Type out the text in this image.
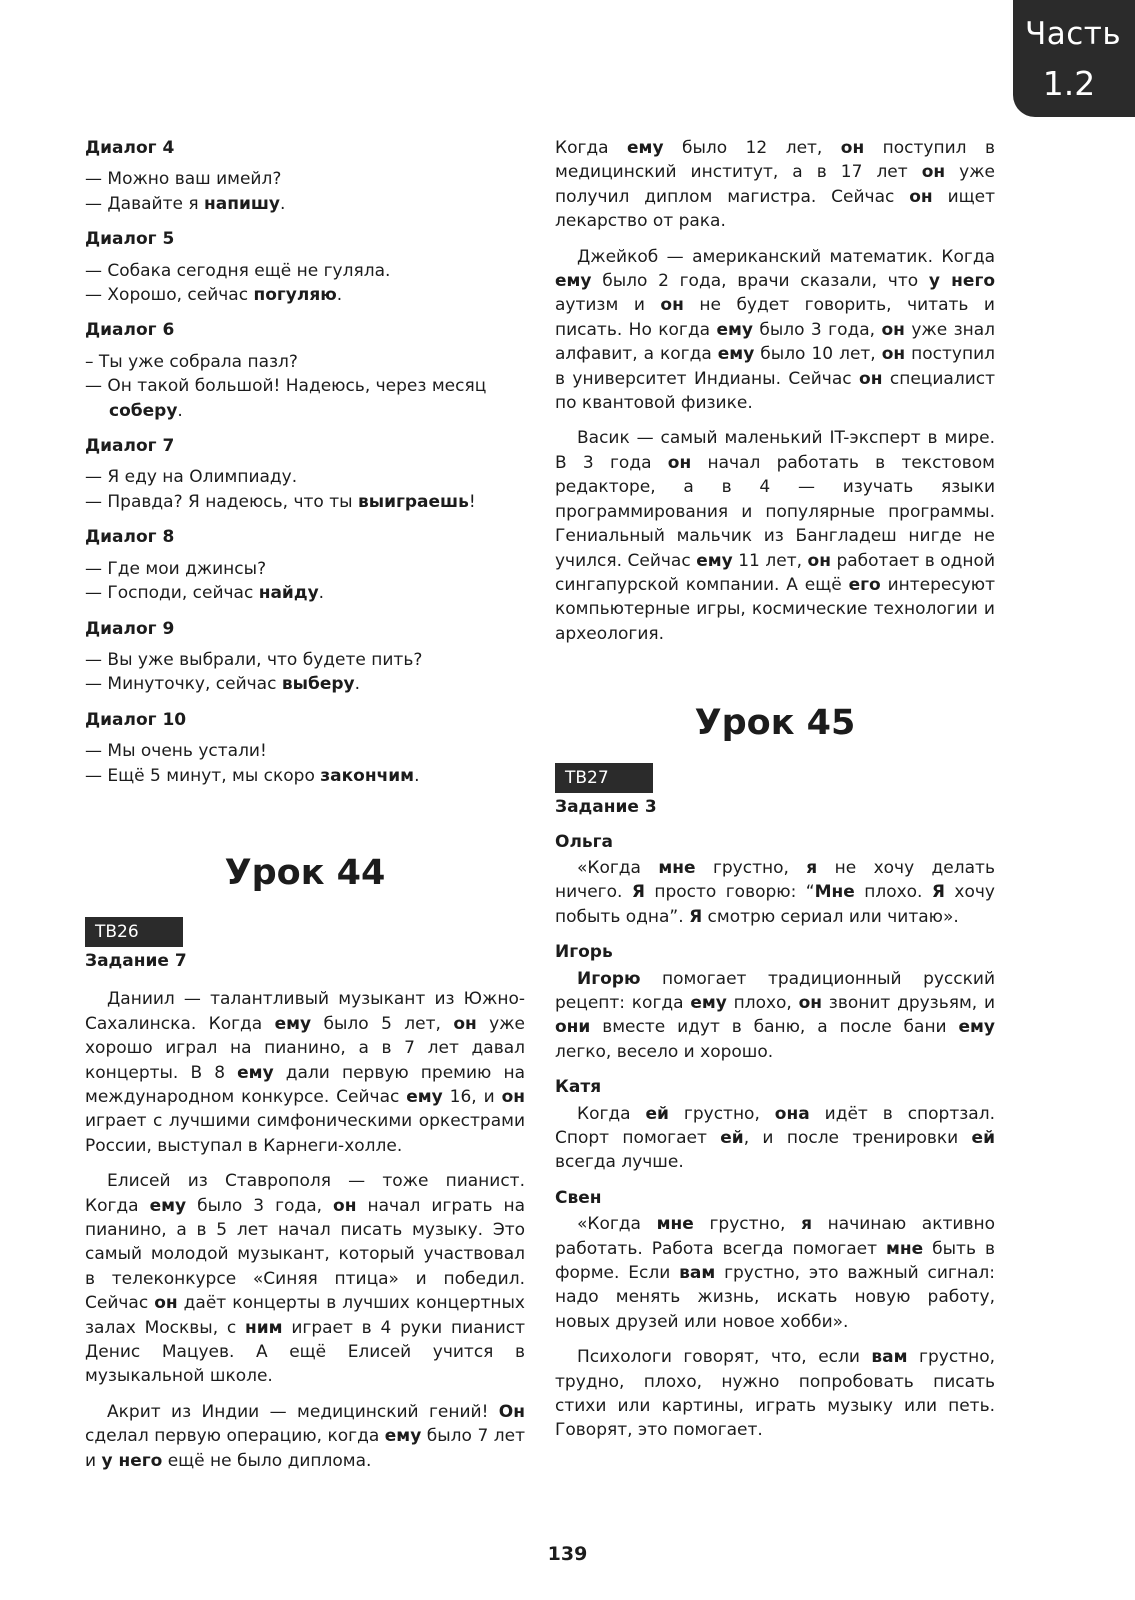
Часть
1.2
Диалог 4
— Можно ваш имейл?
— Давайте я напишу.
Диалог 5
— Собака сегодня ещё не гуляла.
— Хорошо, сейчас погуляю.
Диалог 6
– Ты уже собрала пазл?
— Он такой большой! Надеюсь, через месяц соберу.
Диалог 7
— Я еду на Олимпиаду.
— Правда? Я надеюсь, что ты выиграешь!
Диалог 8
— Где мои джинсы?
— Господи, сейчас найду.
Диалог 9
— Вы уже выбрали, что будете пить?
— Минуточку, сейчас выберу.
Диалог 10
— Мы очень устали!
— Ещё 5 минут, мы скоро закончим.
Урок 44
ТВ26
Задание 7

Даниил — талантливый музыкант из Южно-Сахалинска. Когда ему было 5 лет, он уже хорошо играл на пианино, а в 7 лет давал концерты. В 8 ему дали первую премию на международном конкурсе. Сейчас ему 16, и он играет с лучшими симфоническими оркестрами России, выступал в Карнеги-холле.

Елисей из Ставрополя — тоже пианист. Когда ему было 3 года, он начал играть на пианино, а в 5 лет начал писать музыку. Это самый молодой музыкант, который участвовал в телеконкурсе «Синяя птица» и победил. Сейчас он даёт концерты в лучших концертных залах Москвы, с ним играет в 4 руки пианист Денис Мацуев. А ещё Елисей учится в музыкальной школе.

Акрит из Индии — медицинский гений! Он сделал первую операцию, когда ему было 7 лет и у него ещё не было диплома.

Когда ему было 12 лет, он поступил в медицинский институт, а в 17 лет он уже получил диплом магистра. Сейчас он ищет лекарство от рака.

Джейкоб — американский математик. Когда ему было 2 года, врачи сказали, что у него аутизм и он не будет говорить, читать и писать. Но когда ему было 3 года, он уже знал алфавит, а когда ему было 10 лет, он поступил в университет Индианы. Сейчас он специалист по квантовой физике.

Васик — самый маленький IT-эксперт в мире. В 3 года он начал работать в текстовом редакторе, а в 4 — изучать языки программирования и популярные программы. Гениальный мальчик из Бангладеш нигде не учился. Сейчас ему 11 лет, он работает в одной сингапурской компании. А ещё его интересуют компьютерные игры, космические технологии и археология.

Урок 45
ТВ27
Задание 3
Ольга

«Когда мне грустно, я не хочу делать ничего. Я просто говорю: “Мне плохо. Я хочу побыть одна”. Я смотрю сериал или читаю».

Игорь

Игорю помогает традиционный русский рецепт: когда ему плохо, он звонит друзьям, и они вместе идут в баню, а после бани ему легко, весело и хорошо.

Катя

Когда ей грустно, она идёт в спортзал. Спорт помогает ей, и после тренировки ей всегда лучше.

Свен

«Когда мне грустно, я начинаю активно работать. Работа всегда помогает мне быть в форме. Если вам грустно, это важный сигнал: надо менять жизнь, искать новую работу, новых друзей или новое хобби».

Психологи говорят, что, если вам грустно, трудно, плохо, нужно попробовать писать стихи или картины, играть музыку или петь. Говорят, это помогает.

139
